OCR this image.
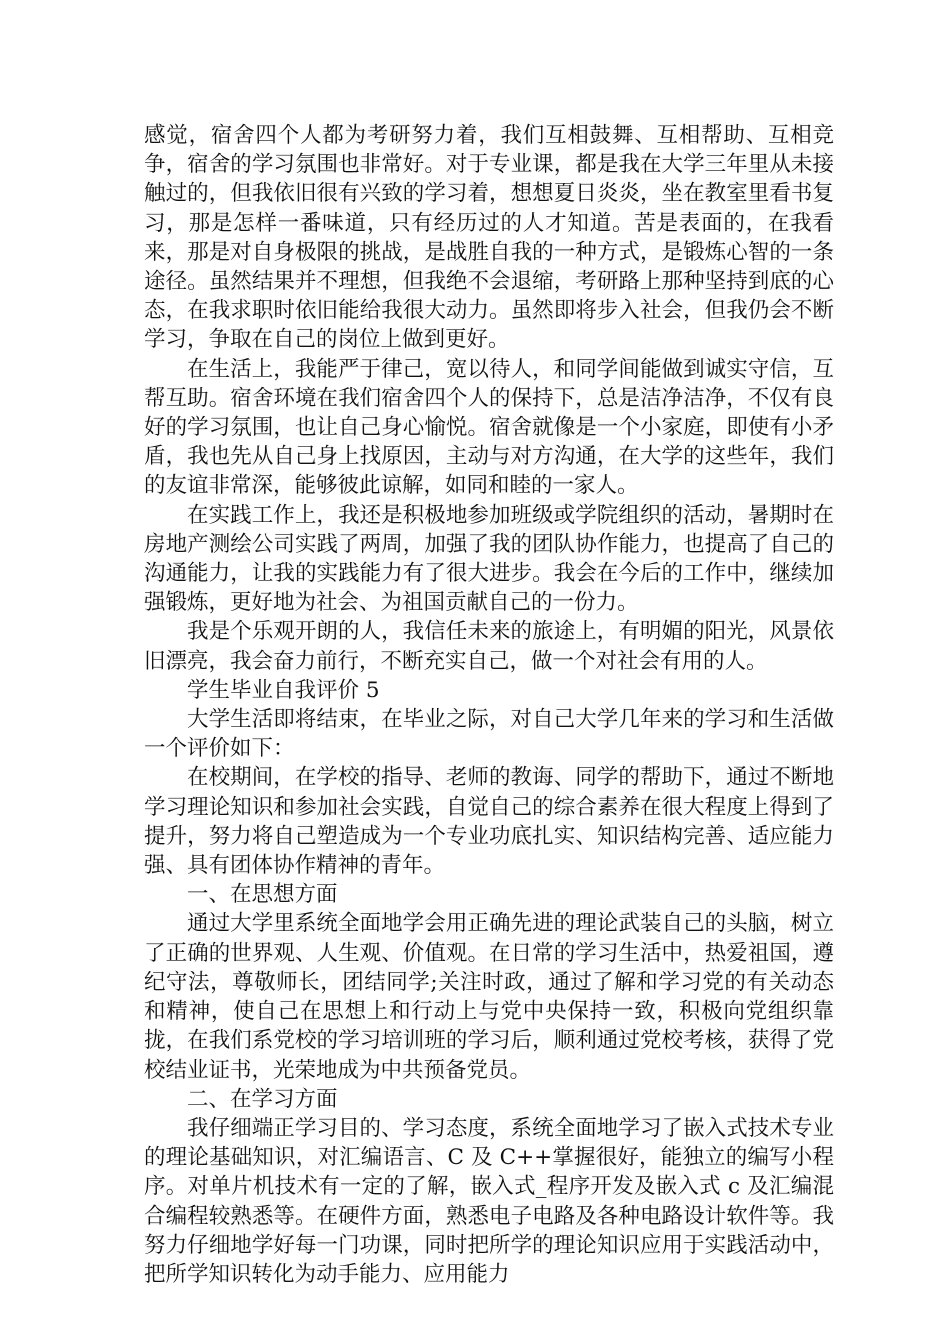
感觉，宿舍四个人都为考研努力着，我们互相鼓舞、互相帮助、互相竞争，宿舍的学习氛围也非常好。对于专业课，都是我在大学三年里从未接触过的，但我依旧很有兴致的学习着，想想夏日炎炎，坐在教室里看书复习，那是怎样一番味道，只有经历过的人才知道。苦是表面的，在我看来，那是对自身极限的挑战，是战胜自我的一种方式，是锻炼心智的一条途径。虽然结果并不理想，但我绝不会退缩，考研路上那种坚持到底的心态，在我求职时依旧能给我很大动力。虽然即将步入社会，但我仍会不断学习，争取在自己的岗位上做到更好。

在生活上，我能严于律己，宽以待人，和同学间能做到诚实守信，互帮互助。宿舍环境在我们宿舍四个人的保持下，总是洁净洁净，不仅有良好的学习氛围，也让自己身心愉悦。宿舍就像是一个小家庭，即使有小矛盾，我也先从自己身上找原因，主动与对方沟通，在大学的这些年，我们的友谊非常深，能够彼此谅解，如同和睦的一家人。

在实践工作上，我还是积极地参加班级或学院组织的活动，暑期时在房地产测绘公司实践了两周，加强了我的团队协作能力，也提高了自己的沟通能力，让我的实践能力有了很大进步。我会在今后的工作中，继续加强锻炼，更好地为社会、为祖国贡献自己的一份力。

我是个乐观开朗的人，我信任未来的旅途上，有明媚的阳光，风景依旧漂亮，我会奋力前行，不断充实自己，做一个对社会有用的人。

学生毕业自我评价 5

大学生活即将结束，在毕业之际，对自己大学几年来的学习和生活做一个评价如下：

在校期间，在学校的指导、老师的教诲、同学的帮助下，通过不断地学习理论知识和参加社会实践，自觉自己的综合素养在很大程度上得到了提升，努力将自己塑造成为一个专业功底扎实、知识结构完善、适应能力强、具有团体协作精神的青年。

一、在思想方面

通过大学里系统全面地学会用正确先进的理论武装自己的头脑，树立了正确的世界观、人生观、价值观。在日常的学习生活中，热爱祖国，遵纪守法，尊敬师长，团结同学;关注时政，通过了解和学习党的有关动态和精神，使自己在思想上和行动上与党中央保持一致，积极向党组织靠拢，在我们系党校的学习培训班的学习后，顺利通过党校考核，获得了党校结业证书，光荣地成为中共预备党员。

二、在学习方面

我仔细端正学习目的、学习态度，系统全面地学习了嵌入式技术专业的理论基础知识，对汇编语言、C 及 C++掌握很好，能独立的编写小程序。对单片机技术有一定的了解，嵌入式_程序开发及嵌入式 c 及汇编混合编程较熟悉等。在硬件方面，熟悉电子电路及各种电路设计软件等。我努力仔细地学好每一门功课，同时把所学的理论知识应用于实践活动中，把所学知识转化为动手能力、应用能力
